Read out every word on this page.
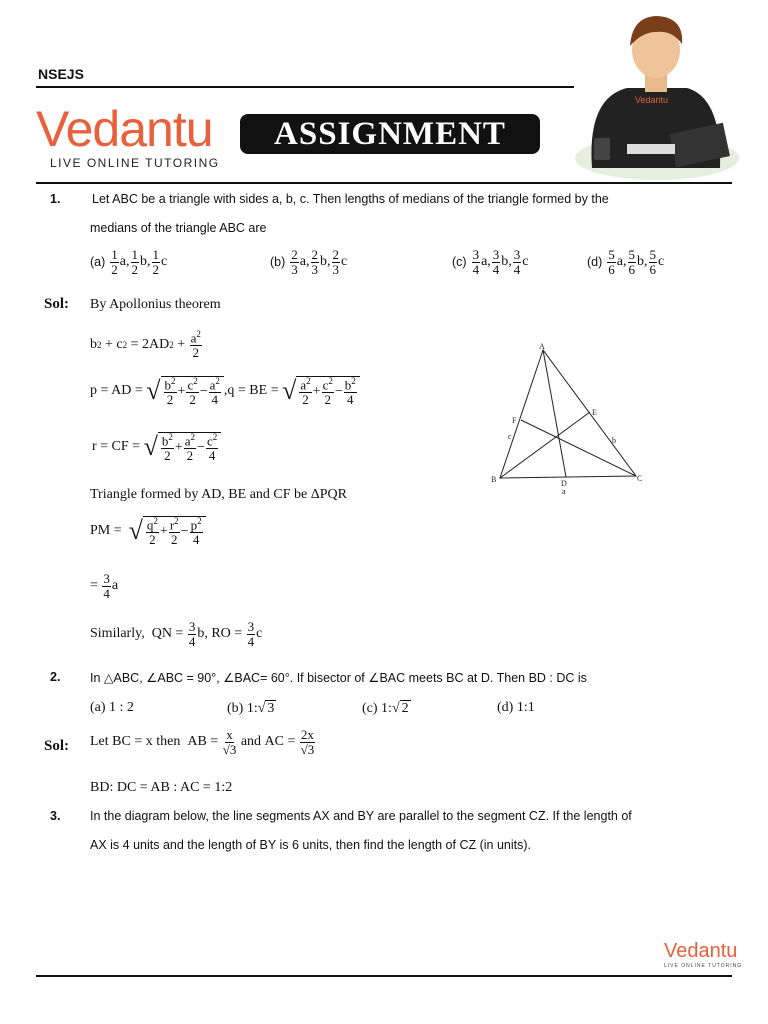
NSEJS
Vedantu
LIVE ONLINE TUTORING
ASSIGNMENT
Vedantu
1.	Let ABC be a triangle with sides a, b, c. Then lengths of medians of the triangle formed by the
medians of the triangle ABC are
$(a) \frac{1}{2} a$, $\frac{1}{2} b$, $\frac{1}{2}$ c	$(b) \frac{2}{3} a$, $\frac{2}{3} b$, $\frac{2}{3}$ c	$(c) \frac{3}{4} a$, $\frac{3}{4} b$, $\frac{3}{4}$ c	$(d) \frac{5}{6} a$, $\frac{5}{6} b$, $\frac{5}{6}$ c
Sol: By Apollonius theorem
b 2 + c 2 = 2AD $2 + \frac{a^2}{2}$
p = AD = √ $\frac{b^2}{2} + \frac{c^2}{2} - \frac{a^2}{4} ,q$ = BE = √ $\frac{a^2}{2} + \frac{c^2}{2} - \frac{b^2}{4}$
r = CF = √ $\frac{b^2}{2} + \frac{a^2}{2} - \frac{c^2}{4}$
Triangle formed by AD, BE and CF be ΔPQR
PM = √ $\frac{q^2}{2} + \frac{r^2}{2} - \frac{p^2}{4}$
= $\frac{3}{4}$ a
Similarly, QN = $\frac{3}{4} b$, RO = $\frac{3}{4}$ c
A
B	C
D
E
F
a
b
c
2. In △ABC, ∠ABC = 90°, ∠BAC= 60°. If bisector of ∠BAC meets BC at D. Then BD : DC is
(a) 1 : 2	(b) 1:√ 3	(c) 1:√ 2	(d) 1:1
Sol: Let BC = x then AB = $\frac{x}{√3}$
and AC = $\frac{2x}{√3}$
BD: DC = AB : AC = 1:2
3. In the diagram below, the line segments AX and BY are parallel to the segment CZ. If the length of
AX is 4 units and the length of BY is 6 units, then find the length of CZ (in units).
Vedantu
LIVE ONLINE TUTORING
